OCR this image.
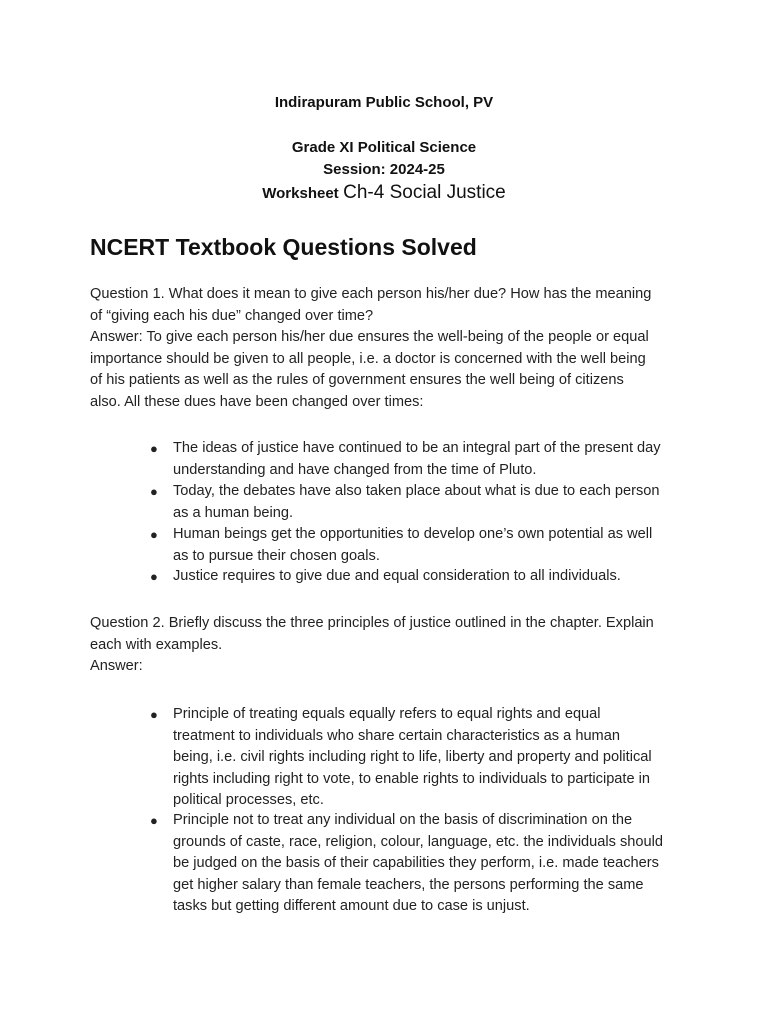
Indirapuram Public School, PV
Grade XI Political Science
Session: 2024-25
Worksheet Ch-4 Social Justice
NCERT Textbook Questions Solved
Question 1. What does it mean to give each person his/her due? How has the meaning
of “giving each his due” changed over time?
Answer: To give each person his/her due ensures the well-being of the people or equal
importance should be given to all people, i.e. a doctor is concerned with the well being
of his patients as well as the rules of government ensures the well being of citizens
also. All these dues have been changed over times:
● The ideas of justice have continued to be an integral part of the present day
understanding and have changed from the time of Pluto.
● Today, the debates have also taken place about what is due to each person
as a human being.
● Human beings get the opportunities to develop one’s own potential as well
as to pursue their chosen goals.
● Justice requires to give due and equal consideration to all individuals.
Question 2. Briefly discuss the three principles of justice outlined in the chapter. Explain
each with examples.
Answer:
● Principle of treating equals equally refers to equal rights and equal
treatment to individuals who share certain characteristics as a human
being, i.e. civil rights including right to life, liberty and property and political
rights including right to vote, to enable rights to individuals to participate in
political processes, etc.
● Principle not to treat any individual on the basis of discrimination on the
grounds of caste, race, religion, colour, language, etc. the individuals should
be judged on the basis of their capabilities they perform, i.e. made teachers
get higher salary than female teachers, the persons performing the same
tasks but getting different amount due to case is unjust.
